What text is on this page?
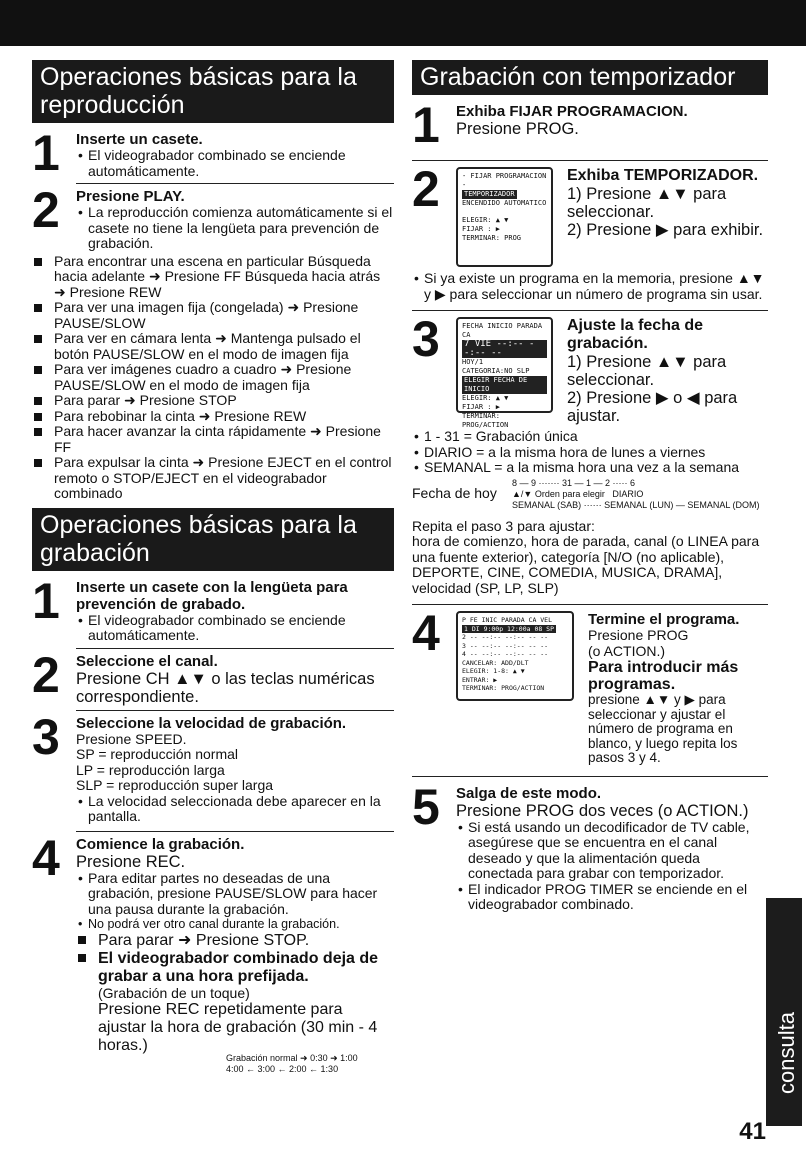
Operaciones básicas para la reproducción
1 Inserte un casete.
• El videograbador combinado se enciende automáticamente.
2 Presione PLAY.
• La reproducción comienza automáticamente si el casete no tiene la lengüeta para prevención de grabación.
Para encontrar una escena en particular Búsqueda hacia adelante ➜ Presione FF Búsqueda hacia atrás ➜ Presione REW
Para ver una imagen fija (congelada) ➜ Presione PAUSE/SLOW
Para ver en cámara lenta ➜ Mantenga pulsado el botón PAUSE/SLOW en el modo de imagen fija
Para ver imágenes cuadro a cuadro ➜ Presione PAUSE/SLOW en el modo de imagen fija
Para parar ➜ Presione STOP
Para rebobinar la cinta ➜ Presione REW
Para hacer avanzar la cinta rápidamente ➜ Presione FF
Para expulsar la cinta ➜ Presione EJECT en el control remoto o STOP/EJECT en el videograbador combinado
Operaciones básicas para la grabación
1 Inserte un casete con la lengüeta para prevención de grabado.
• El videograbador combinado se enciende automáticamente.
2 Seleccione el canal.
Presione CH ▲▼ o las teclas numéricas correspondiente.
3 Seleccione la velocidad de grabación.
Presione SPEED.
SP = reproducción normal
LP = reproducción larga
SLP = reproducción super larga
• La velocidad seleccionada debe aparecer en la pantalla.
4 Comience la grabación.
Presione REC.
• Para editar partes no deseadas de una grabación, presione PAUSE/SLOW para hacer una pausa durante la grabación.
• No podrá ver otro canal durante la grabación.
Para parar ➜ Presione STOP.
El videograbador combinado deja de grabar a una hora prefijada.
(Grabación de un toque)
Presione REC repetidamente para ajustar la hora de grabación (30 min - 4 horas.)
Grabación normal ➜ 0:30 ➜ 1:00
4:00 ← 3:00 ← 2:00 ← 1:30
Grabación con temporizador
1 Exhiba FIJAR PROGRAMACION.
Presione PROG.
2	- FIJAR PROGRAMACION -
TEMPORIZADOR
ENCENDIDO AUTOMATICO
ELEGIR: ▲ ▼
FIJAR : ▶
TERMINAR: PROG
Exhiba TEMPORIZADOR.
1) Presione ▲▼ para seleccionar.
2) Presione ▶ para exhibir.
• Si ya existe un programa en la memoria, presione ▲▼ y ▶ para seleccionar un número de programa sin usar.
3	FECHA INICIO PARADA CA
7 VIE --:-- --:-- --
HOY/1
CATEGORIA:NO SLP
ELEGIR FECHA DE INICIO
ELEGIR: ▲ ▼
FIJAR : ▶
TERMINAR: PROG/ACTION
Ajuste la fecha de grabación.
1) Presione ▲▼ para seleccionar.
2) Presione ▶ o ◀ para ajustar.
• 1 - 31 = Grabación única
• DIARIO = a la misma hora de lunes a viernes
• SEMANAL = a la misma hora una vez a la semana
Fecha de hoy
8 — 9 ······· 31 — 1 — 2 ····· 6
▲/▼ Orden para elegir DIARIO
SEMANAL (SAB) ······ SEMANAL (LUN) — SEMANAL (DOM)
Repita el paso 3 para ajustar:
hora de comienzo, hora de parada, canal (o LINEA para una fuente exterior), categoría [N/O (no aplicable), DEPORTE, CINE, COMEDIA, MUSICA, DRAMA], velocidad (SP, LP, SLP)
4	P FE INIC PARADA CA VEL
1 DI 9:00p 12:00a 08 SP
2 -- --:-- --:-- -- --
3 -- --:-- --:-- -- --
4 -- --:-- --:-- -- --
CANCELAR: ADD/DLT
ELEGIR: 1-8: ▲ ▼
ENTRAR: ▶
TERMINAR: PROG/ACTION
Termine el programa.
Presione PROG
(o ACTION.)
Para introducir más programas.
presione ▲▼ y ▶ para seleccionar y ajustar el número de programa en blanco, y luego repita los pasos 3 y 4.
5 Salga de este modo.
Presione PROG dos veces (o ACTION.)
• Si está usando un decodificador de TV cable, asegúrese que se encuentra en el canal deseado y que la alimentación queda conectada para grabar con temporizador.
• El indicador PROG TIMER se enciende en el videograbador combinado.
consulta
41
